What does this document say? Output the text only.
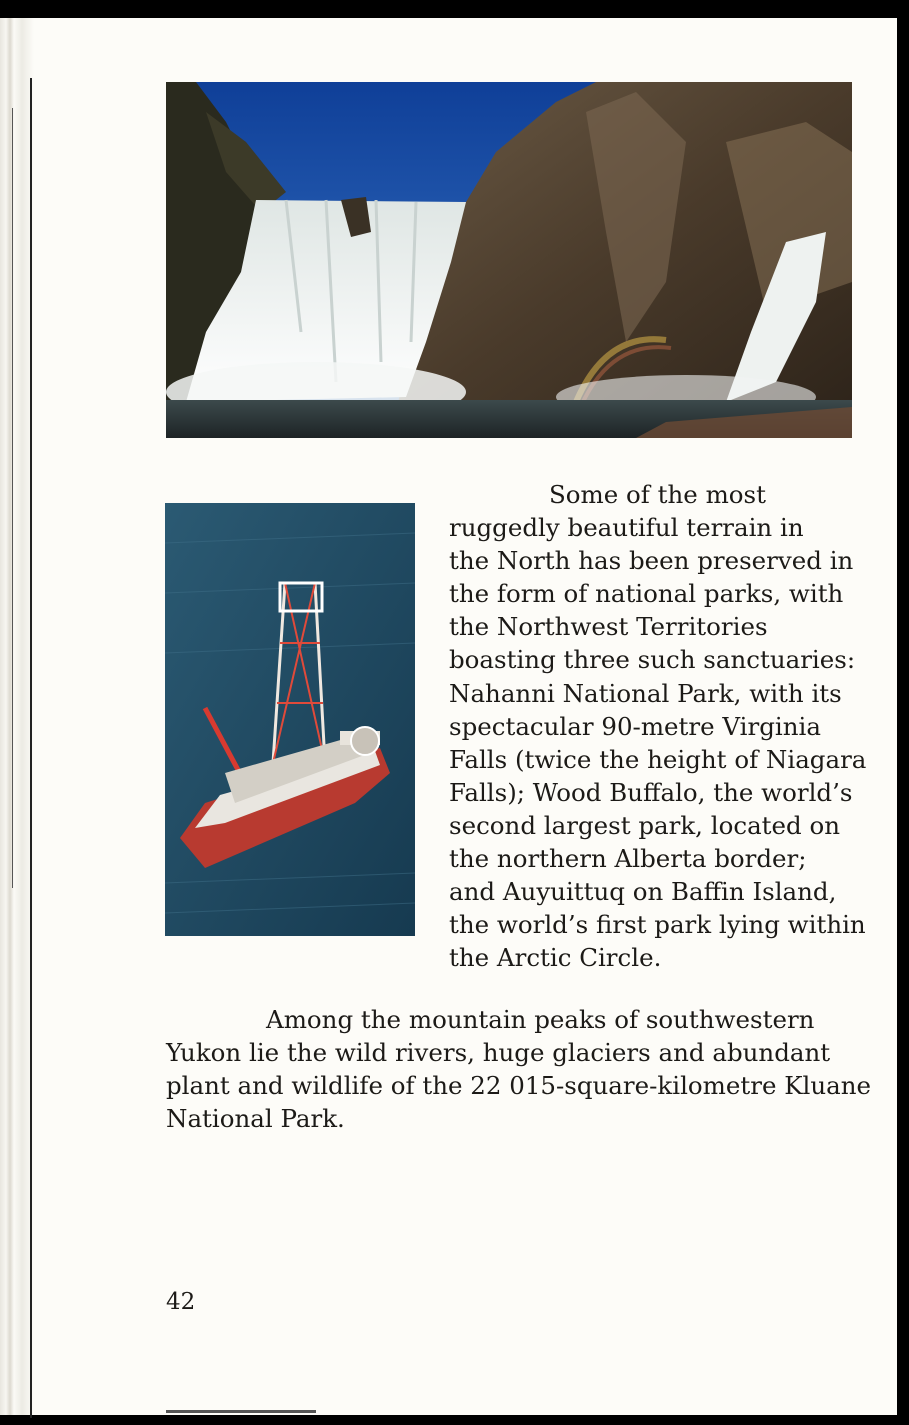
Some of the most
ruggedly beautiful terrain in
the North has been preserved in
the form of national parks, with
the Northwest Territories
boasting three such sanctuaries:
Nahanni National Park, with its
spectacular 90-metre Virginia
Falls (twice the height of Niagara
Falls); Wood Buffalo, the world’s
second largest park, located on
the northern Alberta border;
and Auyuittuq on Baffin Island,
the world’s first park lying within
the Arctic Circle.

Among the mountain peaks of southwestern
Yukon lie the wild rivers, huge glaciers and abundant
plant and wildlife of the 22 015-square-kilometre Kluane
National Park.

42
